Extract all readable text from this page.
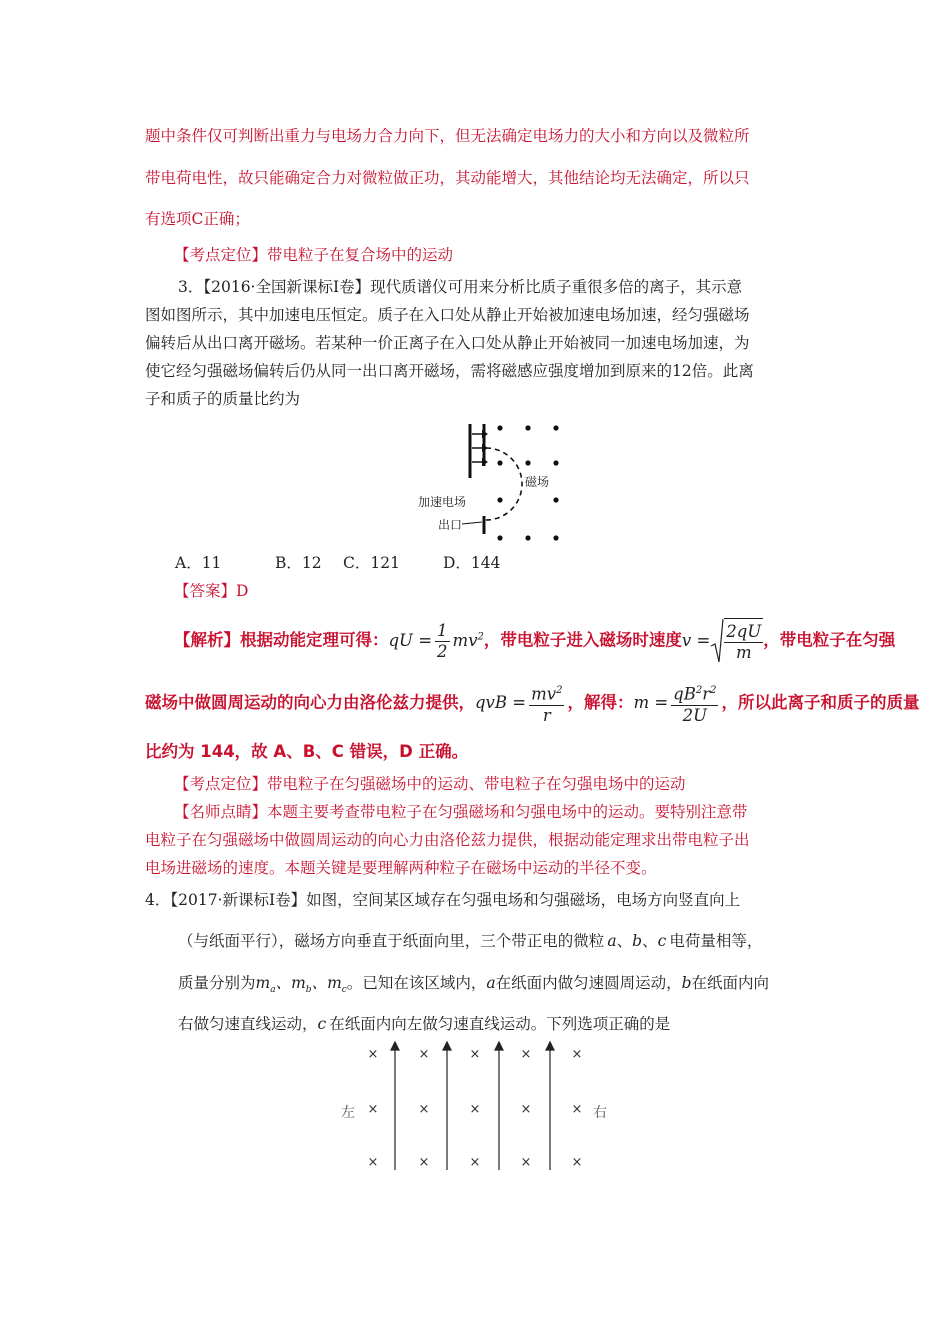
题中条件仅可判断出重力与电场力合力向下，但无法确定电场力的大小和方向以及微粒所
带电荷电性，故只能确定合力对微粒做正功，其动能增大，其他结论均无法确定，所以只
有选项C正确；
【考点定位】带电粒子在复合场中的运动
3．【2016·全国新课标Ⅰ卷】现代质谱仪可用来分析比质子重很多倍的离子，其示意
图如图所示，其中加速电压恒定。质子在入口处从静止开始被加速电场加速，经匀强磁场
偏转后从出口离开磁场。若某种一价正离子在入口处从静止开始被同一加速电场加速，为
使它经匀强磁场偏转后仍从同一出口离开磁场，需将磁感应强度增加到原来的12倍。此离
子和质子的质量比约为
磁场
加速电场
出口
A．11	B．12 C．121	D．144
【答案】D
【解析】根据动能定理可得：qU = $\frac{1}{2} mv^2$，带电粒子进入磁场时速度$v = \frac{2qU}{m}$ ，带电粒子在匀强
磁场中做圆周运动的向心力由洛伦兹力提供，qvB = $\frac{mv^2}{r}$ ，解得：$m = \frac{qB^2r^2}{2U}$ ，所以此离子和质子的质量
比约为 144，故 A、B、C 错误，D 正确。
【考点定位】带电粒子在匀强磁场中的运动、带电粒子在匀强电场中的运动
【名师点睛】本题主要考查带电粒子在匀强磁场和匀强电场中的运动。要特别注意带
电粒子在匀强磁场中做圆周运动的向心力由洛伦兹力提供，根据动能定理求出带电粒子出
电场进磁场的速度。本题关键是要理解两种粒子在磁场中运动的半径不变。
4．【2017·新课标Ⅰ卷】如图，空间某区域存在匀强电场和匀强磁场，电场方向竖直向上
（与纸面平行），磁场方向垂直于纸面向里，三个带正电的微粒 a、b、c 电荷量相等，
质量分别为$m_a$、$m_b$、$m_c$。已知在该区域内，a在纸面内做匀速圆周运动，b在纸面内向
右做匀速直线运动，c 在纸面内向左做匀速直线运动。下列选项正确的是
×	×	×	×	×
×	×	×	×	×
×	×	×	×	×
左	右
